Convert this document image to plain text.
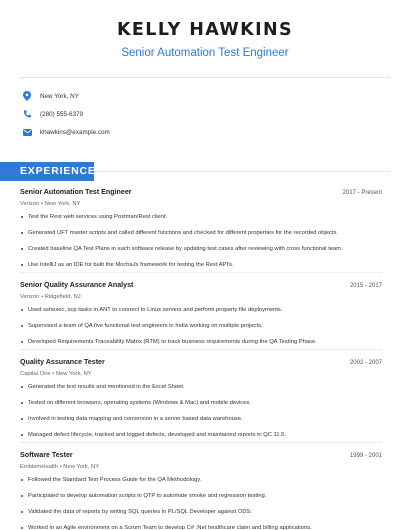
KELLY HAWKINS
Senior Automation Test Engineer
New York, NY
(280) 555-6379
khawkins@example.com
EXPERIENCE
Senior Automation Test Engineer	2017 - Present
Verizon • New York, NY
Test the Rest web services using Postman/Rest client.
Generated UFT master scripts and called different functions and checked for different properties for the recorded objects.
Created baseline QA Test Plans in each software release by updating test cases after reviewing with cross functional team.
Use IntelliJ as an IDE for built the MochaJs framework for testing the Rest API's.
Senior Quality Assurance Analyst	2015 - 2017
Verizon • Ridgefield, NJ
Used sshexec, scp tasks in ANT to connect to Linux servers and perform property file deployments.
Supervised a team of QA five functional test engineers in India working on multiple projects.
Developed Requirements Traceability Matrix (RTM) to track business requirements during the QA Testing Phase.
Quality Assurance Tester	2002 - 2007
Capital One • New York, NY
Generated the test results and mentioned in the Excel Sheet.
Tested on different browsers, operating systems (Windows & Mac) and mobile devices.
Involved in testing data mapping and conversion in a server based data warehouse.
Managed defect lifecycle, tracked and logged defects, developed and maintained reports in QC 11.5.
Software Tester	1999 - 2001
EmblemHealth • New York, NY
Followed the Standard Test Process Guide for the QA Methodology.
Participated to develop automation scripts in QTP to automate smoke and regression testing.
Validated the data of reports by writing SQL queries in PL/SQL Developer against ODS.
Worked in an Agile environment on a Scrum Team to develop C# .Net healthcare claim and billing applications.
